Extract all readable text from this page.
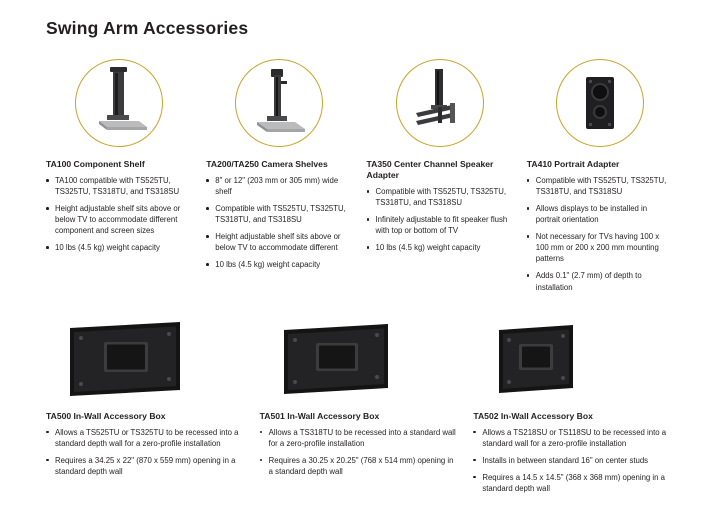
Swing Arm Accessories
TA100 Component Shelf
TA100 compatible with TS525TU, TS325TU, TS318TU, and TS318SU
Height adjustable shelf sits above or below TV to accommodate different component and screen sizes
10 lbs (4.5 kg) weight capacity
TA200/TA250 Camera Shelves
8" or 12" (203 mm or 305 mm) wide shelf
Compatible with TS525TU, TS325TU, TS318TU, and TS318SU
Height adjustable shelf sits above or below TV to accommodate different
10 lbs (4.5 kg) weight capacity
TA350 Center Channel Speaker Adapter
Compatible with TS525TU, TS325TU, TS318TU, and TS318SU
Infinitely adjustable to fit speaker flush with top or bottom of TV
10 lbs (4.5 kg) weight capacity
TA410 Portrait Adapter
Compatible with TS525TU, TS325TU, TS318TU, and TS318SU
Allows displays to be installed in portrait orientation
Not necessary for TVs having 100 x 100 mm or 200 x 200 mm mounting patterns
Adds 0.1" (2.7 mm) of depth to installation
TA500 In-Wall Accessory Box
Allows a TS525TU or TS325TU to be recessed into a standard depth wall for a zero-profile installation
Requires a 34.25 x 22" (870 x 559 mm) opening in a standard depth wall
TA501 In-Wall Accessory Box
Allows a TS318TU to be recessed into a standard wall for a zero-profile installation
Requires a 30.25 x 20.25" (768 x 514 mm) opening in a standard depth wall
TA502 In-Wall Accessory Box
Allows a TS218SU or TS118SU to be recessed into a standard wall for a zero-profile installation
Installs in between standard 16" on center studs
Requires a 14.5 x 14.5" (368 x 368 mm) opening in a standard depth wall
